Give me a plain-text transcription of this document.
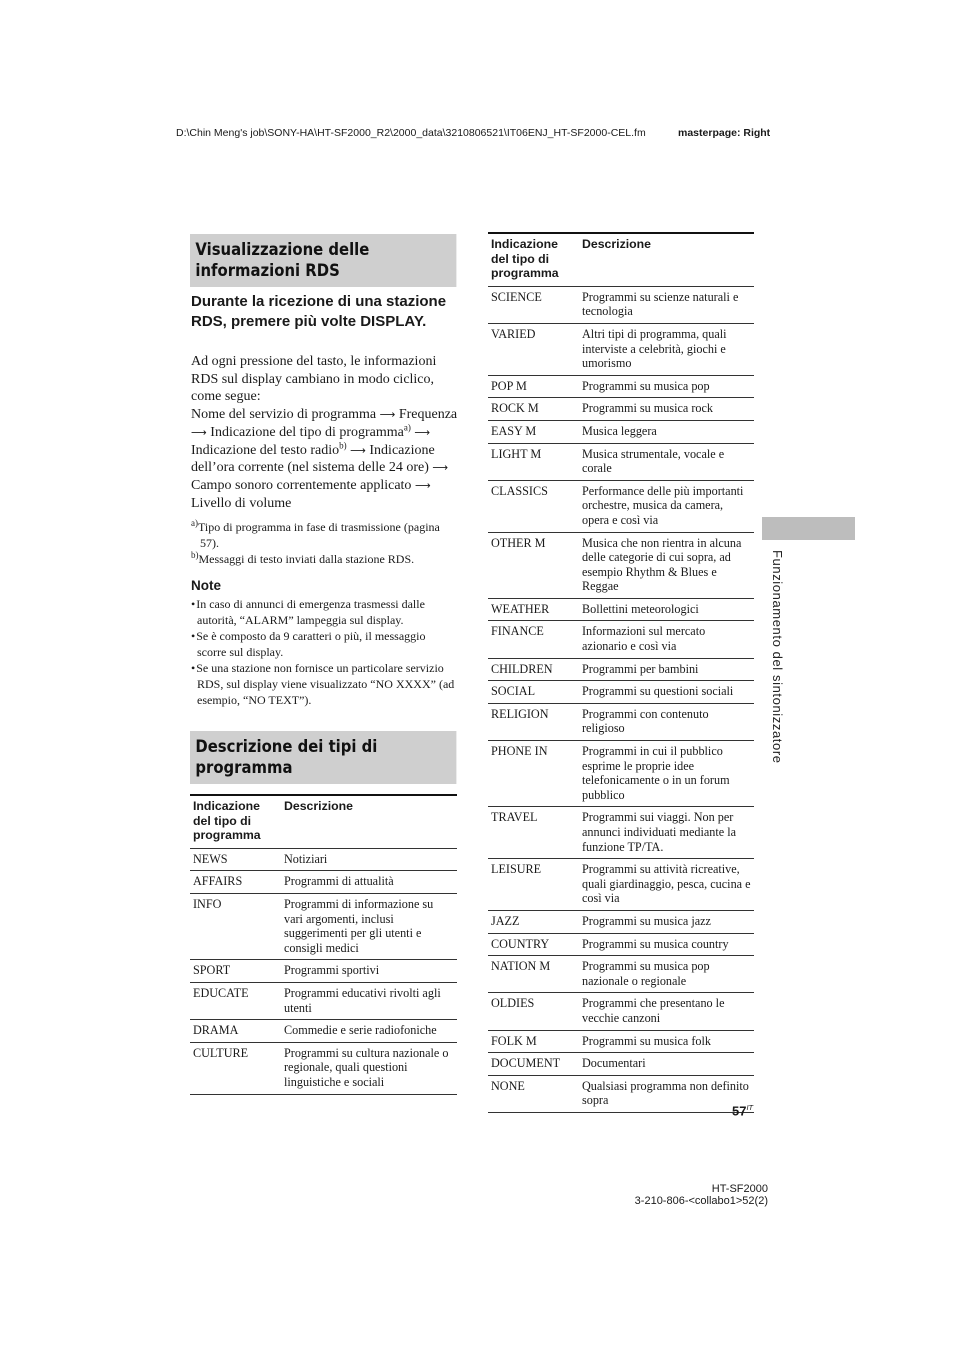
D:\Chin Meng's job\SONY-HA\HT-SF2000_R2\2000_data\3210806521\IT06ENJ_HT-SF2000-CEL.fm	masterpage: Right
Visualizzazione delle informazioni RDS
Durante la ricezione di una stazione RDS, premere più volte DISPLAY.

Ad ogni pressione del tasto, le informazioni RDS sul display cambiano in modo ciclico, come segue:

Nome del servizio di programma ⟶ Frequenza ⟶ Indicazione del tipo di programma$^{a)}$ ⟶ Indicazione del testo radio$^{b)}$ ⟶ Indicazione dell’ora corrente (nel sistema delle 24 ore) ⟶ Campo sonoro correntemente applicato ⟶ Livello di volume

$^{a)}$Tipo di programma in fase di trasmissione (pagina 57).
$^{b)}$Messaggi di testo inviati dalla stazione RDS.
Note
• In caso di annunci di emergenza trasmessi dalle autorità, “ALARM” lampeggia sul display.
• Se è composto da 9 caratteri o più, il messaggio scorre sul display.
• Se una stazione non fornisce un particolare servizio RDS, sul display viene visualizzato “NO XXXX” (ad esempio, “NO TEXT”).
Descrizione dei tipi di programma
Indicazione del tipo di programma	Descrizione
NEWS	Notiziari
AFFAIRS	Programmi di attualità
INFO	Programmi di informazione su vari argomenti, inclusi suggerimenti per gli utenti e consigli medici
SPORT	Programmi sportivi
EDUCATE	Programmi educativi rivolti agli utenti
DRAMA	Commedie e serie radiofoniche
CULTURE	Programmi su cultura nazionale o regionale, quali questioni linguistiche e sociali
Indicazione del tipo di programma	Descrizione
SCIENCE	Programmi su scienze naturali e tecnologia
VARIED	Altri tipi di programma, quali interviste a celebrità, giochi e umorismo
POP M	Programmi su musica pop
ROCK M	Programmi su musica rock
EASY M	Musica leggera
LIGHT M	Musica strumentale, vocale e corale
CLASSICS	Performance delle più importanti orchestre, musica da camera, opera e così via
OTHER M	Musica che non rientra in alcuna delle categorie di cui sopra, ad esempio Rhythm & Blues e Reggae
WEATHER	Bollettini meteorologici
FINANCE	Informazioni sul mercato azionario e così via
CHILDREN	Programmi per bambini
SOCIAL	Programmi su questioni sociali
RELIGION	Programmi con contenuto religioso
PHONE IN	Programmi in cui il pubblico esprime le proprie idee telefonicamente o in un forum pubblico
TRAVEL	Programmi sui viaggi. Non per annunci individuati mediante la funzione TP/TA.
LEISURE	Programmi su attività ricreative, quali giardinaggio, pesca, cucina e così via
JAZZ	Programmi su musica jazz
COUNTRY	Programmi su musica country
NATION M	Programmi su musica pop nazionale o regionale
OLDIES	Programmi che presentano le vecchie canzoni
FOLK M	Programmi su musica folk
DOCUMENT	Documentari
NONE	Qualsiasi programma non definito sopra
Funzionamento del sintonizzatore
$57^{IT}$
HT-SF2000
3-210-806-<collabo1>52(2)
